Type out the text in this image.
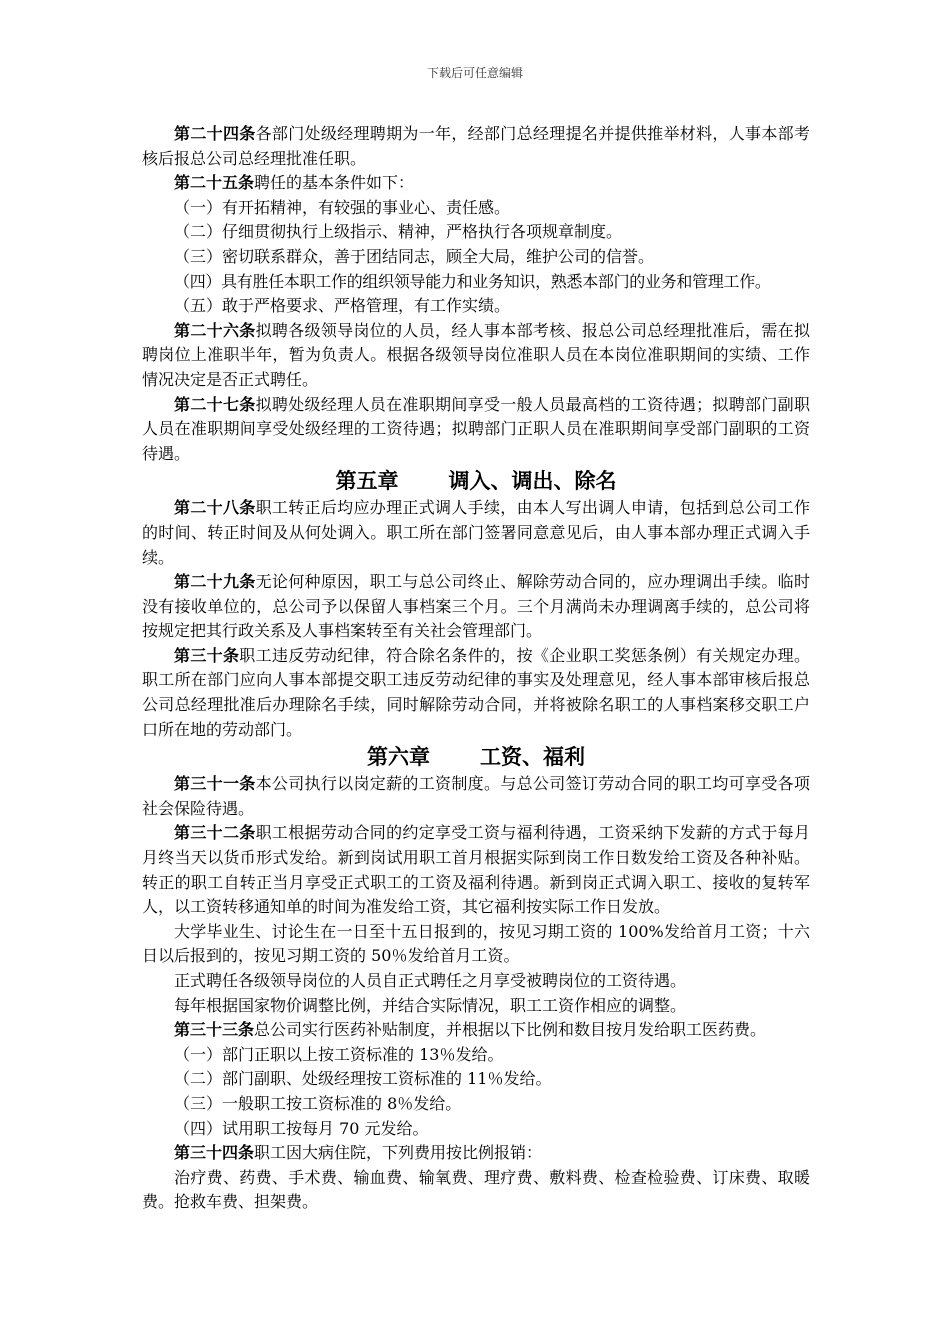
下载后可任意编辑

第二十四条各部门处级经理聘期为一年，经部门总经理提名并提供推举材料，人事本部考核后报总公司总经理批准任职。

第二十五条聘任的基本条件如下：

（一）有开拓精神，有较强的事业心、责任感。

（二）仔细贯彻执行上级指示、精神，严格执行各项规章制度。

（三）密切联系群众，善于团结同志，顾全大局，维护公司的信誉。

（四）具有胜任本职工作的组织领导能力和业务知识，熟悉本部门的业务和管理工作。

（五）敢于严格要求、严格管理，有工作实绩。

第二十六条拟聘各级领导岗位的人员，经人事本部考核、报总公司总经理批准后，需在拟聘岗位上准职半年，暂为负责人。根据各级领导岗位准职人员在本岗位准职期间的实绩、工作情况决定是否正式聘任。

第二十七条拟聘处级经理人员在准职期间享受一般人员最高档的工资待遇；拟聘部门副职人员在准职期间享受处级经理的工资待遇；拟聘部门正职人员在准职期间享受部门副职的工资待遇。

第五章 调入、调出、除名

第二十八条职工转正后均应办理正式调人手续，由本人写出调人申请，包括到总公司工作的时间、转正时间及从何处调入。职工所在部门签署同意意见后，由人事本部办理正式调入手续。

第二十九条无论何种原因，职工与总公司终止、解除劳动合同的，应办理调出手续。临时没有接收单位的，总公司予以保留人事档案三个月。三个月满尚未办理调离手续的，总公司将按规定把其行政关系及人事档案转至有关社会管理部门。

第三十条职工违反劳动纪律，符合除名条件的，按《企业职工奖惩条例）有关规定办理。职工所在部门应向人事本部提交职工违反劳动纪律的事实及处理意见，经人事本部审核后报总公司总经理批准后办理除名手续，同时解除劳动合同，并将被除名职工的人事档案移交职工户口所在地的劳动部门。

第六章 工资、福利

第三十一条本公司执行以岗定薪的工资制度。与总公司签订劳动合同的职工均可享受各项社会保险待遇。

第三十二条职工根据劳动合同的约定享受工资与福利待遇，工资采纳下发薪的方式于每月月终当天以货币形式发给。新到岗试用职工首月根据实际到岗工作日数发给工资及各种补贴。转正的职工自转正当月享受正式职工的工资及福利待遇。新到岗正式调入职工、接收的复转军人，以工资转移通知单的时间为准发给工资，其它福利按实际工作日发放。

大学毕业生、讨论生在一日至十五日报到的，按见习期工资的 100%发给首月工资；十六日以后报到的，按见习期工资的 50％发给首月工资。

正式聘任各级领导岗位的人员自正式聘任之月享受被聘岗位的工资待遇。

每年根据国家物价调整比例，并结合实际情况，职工工资作相应的调整。

第三十三条总公司实行医药补贴制度，并根据以下比例和数目按月发给职工医药费。

（一）部门正职以上按工资标准的 13％发给。

（二）部门副职、处级经理按工资标准的 11％发给。

（三）一般职工按工资标准的 8％发给。

（四）试用职工按每月 70 元发给。

第三十四条职工因大病住院，下列费用按比例报销：

治疗费、药费、手术费、输血费、输氧费、理疗费、敷料费、检查检验费、订床费、取暖费。抢救车费、担架费。
